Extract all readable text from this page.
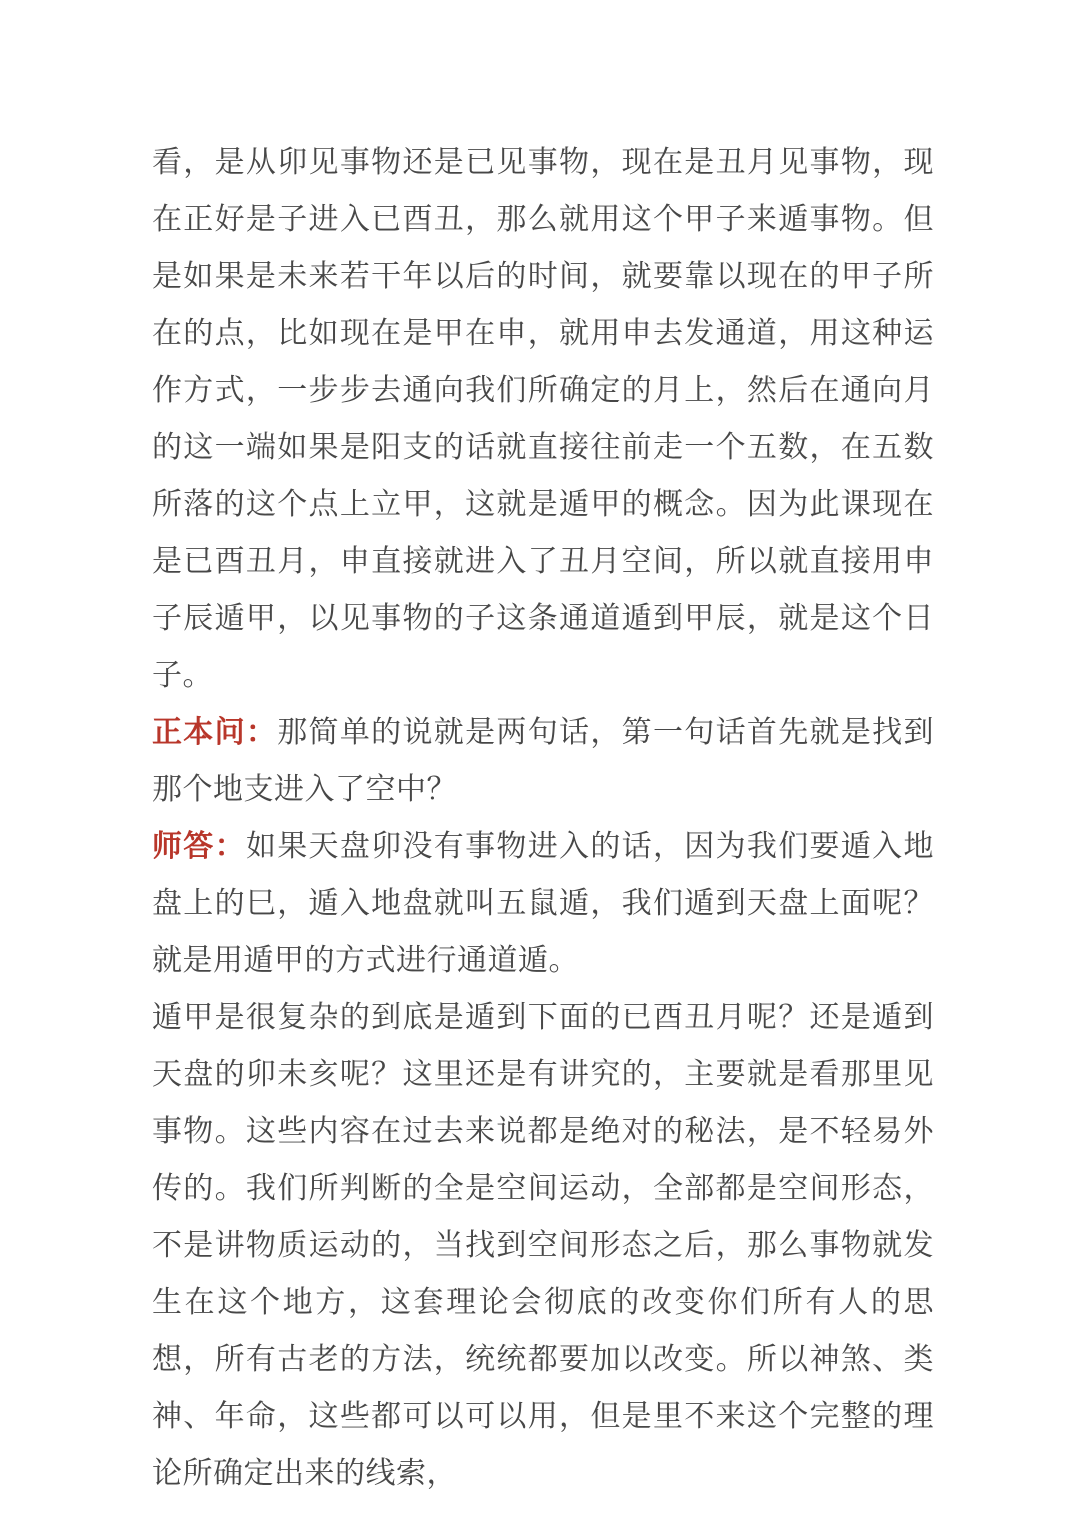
看，是从卯见事物还是已见事物，现在是丑月见事物，现在正好是子进入已酉丑，那么就用这个甲子来遁事物。但是如果是未来若干年以后的时间，就要靠以现在的甲子所在的点，比如现在是甲在申，就用申去发通道，用这种运作方式，一步步去通向我们所确定的月上，然后在通向月的这一端如果是阳支的话就直接往前走一个五数，在五数所落的这个点上立甲，这就是遁甲的概念。因为此课现在是已酉丑月，申直接就进入了丑月空间，所以就直接用申子辰遁甲，以见事物的子这条通道遁到甲辰，就是这个日子。

正本问：那简单的说就是两句话，第一句话首先就是找到那个地支进入了空中？

师答：如果天盘卯没有事物进入的话，因为我们要遁入地盘上的巳，遁入地盘就叫五鼠遁，我们遁到天盘上面呢？就是用遁甲的方式进行通道遁。

遁甲是很复杂的到底是遁到下面的已酉丑月呢？还是遁到天盘的卯未亥呢？这里还是有讲究的，主要就是看那里见事物。这些内容在过去来说都是绝对的秘法，是不轻易外传的。我们所判断的全是空间运动，全部都是空间形态，不是讲物质运动的，当找到空间形态之后，那么事物就发生在这个地方，这套理论会彻底的改变你们所有人的思想，所有古老的方法，统统都要加以改变。所以神煞、类神、年命，这些都可以可以用，但是里不来这个完整的理论所确定出来的线索，
